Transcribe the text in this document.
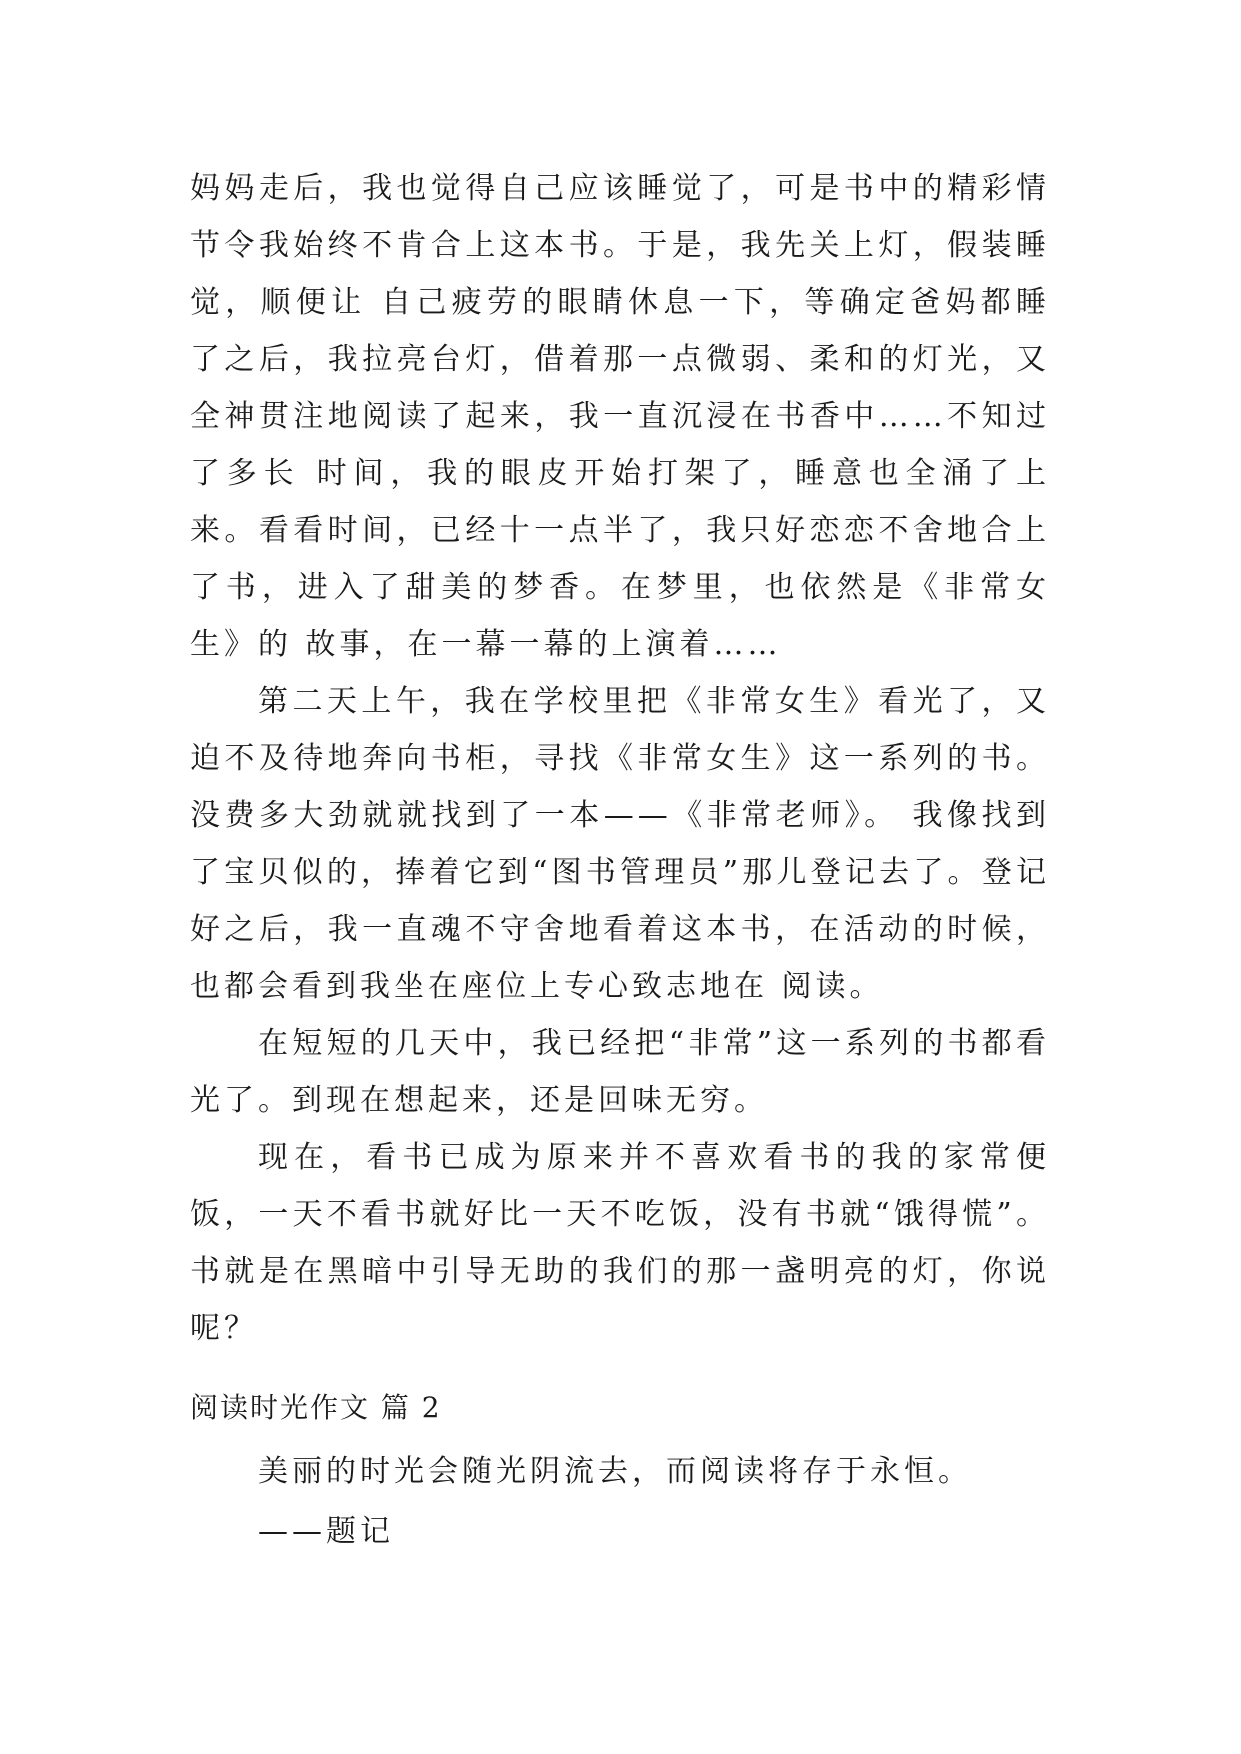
妈妈走后，我也觉得自己应该睡觉了，可是书中的精彩情节令我始终不肯合上这本书。于是，我先关上灯，假装睡觉，顺便让 自己疲劳的眼睛休息一下，等确定爸妈都睡了之后，我拉亮台灯，借着那一点微弱、柔和的灯光，又全神贯注地阅读了起来，我一直沉浸在书香中……不知过了多长 时间，我的眼皮开始打架了，睡意也全涌了上来。看看时间，已经十一点半了，我只好恋恋不舍地合上了书，进入了甜美的梦香。在梦里，也依然是《非常女生》的 故事，在一幕一幕的上演着……

第二天上午，我在学校里把《非常女生》看光了，又迫不及待地奔向书柜，寻找《非常女生》这一系列的书。没费多大劲就就找到了一本——《非常老师》。 我像找到了宝贝似的，捧着它到“图书管理员”那儿登记去了。登记好之后，我一直魂不守舍地看着这本书，在活动的时候，也都会看到我坐在座位上专心致志地在 阅读。

在短短的几天中，我已经把“非常”这一系列的书都看光了。到现在想起来，还是回味无穷。

现在，看书已成为原来并不喜欢看书的我的家常便饭，一天不看书就好比一天不吃饭，没有书就“饿得慌”。书就是在黑暗中引导无助的我们的那一盏明亮的灯，你说呢？

阅读时光作文 篇 2

美丽的时光会随光阴流去，而阅读将存于永恒。

——题记
